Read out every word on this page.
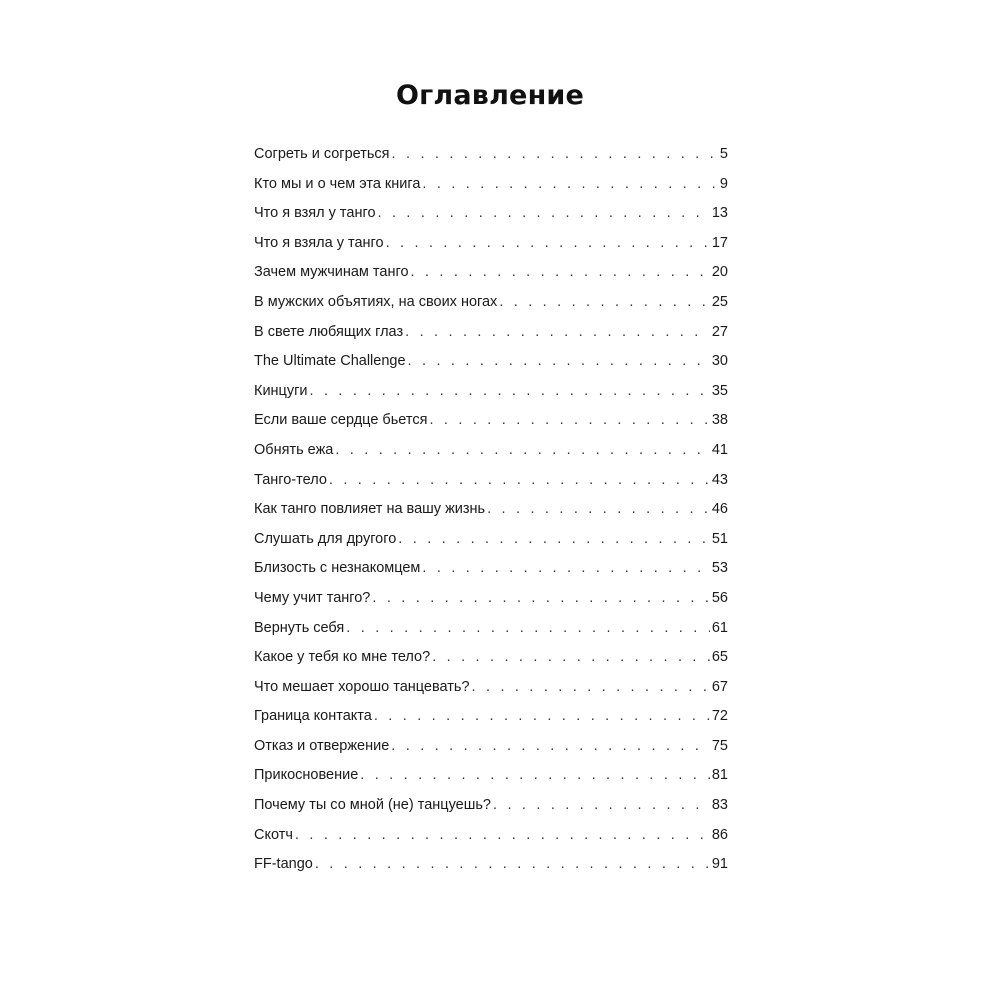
Оглавление
Согреть и согреться . . .	5
Кто мы и о чем эта книга . . .	9
Что я взял у танго . . .	13
Что я взяла у танго . . .	17
Зачем мужчинам танго . . .	20
В мужских объятиях, на своих ногах . . .	25
В свете любящих глаз . . .	27
The Ultimate Challenge . . .	30
Кинцуги . . .	35
Если ваше сердце бьется . . .	38
Обнять ежа . . .	41
Танго-тело . . .	43
Как танго повлияет на вашу жизнь . . .	46
Слушать для другого . . .	51
Близость с незнакомцем . . .	53
Чему учит танго? . . .	56
Вернуть себя . . .	61
Какое у тебя ко мне тело? . . .	65
Что мешает хорошо танцевать? . . .	67
Граница контакта . . .	72
Отказ и отвержение . . .	75
Прикосновение . . .	81
Почему ты со мной (не) танцуешь? . . .	83
Скотч . . .	86
FF-tango . . .	91
